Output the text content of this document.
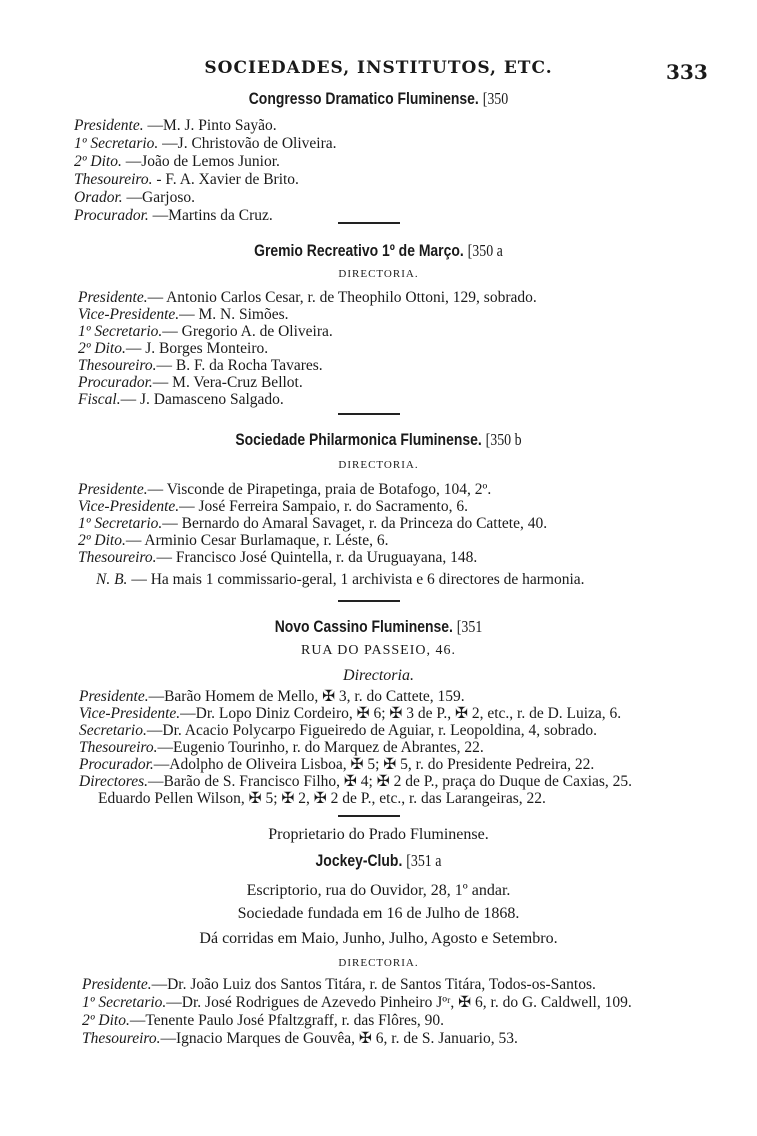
SOCIEDADES, INSTITUTOS, ETC.	333
Congresso Dramatico Fluminense. [350
Presidente. —M. J. Pinto Sayão.
1º Secretario. —J. Christovão de Oliveira.
2º Dito. —João de Lemos Junior.
Thesoureiro. - F. A. Xavier de Brito.
Orador. —Garjoso.
Procurador. —Martins da Cruz.
Gremio Recreativo 1º de Março. [350 a
DIRECTORIA.
Presidente.— Antonio Carlos Cesar, r. de Theophilo Ottoni, 129, sobrado.
Vice-Presidente.— M. N. Simões.
1º Secretario.— Gregorio A. de Oliveira.
2º Dito.— J. Borges Monteiro.
Thesoureiro.— B. F. da Rocha Tavares.
Procurador.— M. Vera-Cruz Bellot.
Fiscal.— J. Damasceno Salgado.
Sociedade Philarmonica Fluminense. [350 b
DIRECTORIA.
Presidente.— Visconde de Pirapetinga, praia de Botafogo, 104, 2º.
Vice-Presidente.— José Ferreira Sampaio, r. do Sacramento, 6.
1º Secretario.— Bernardo do Amaral Savaget, r. da Princeza do Cattete, 40.
2º Dito.— Arminio Cesar Burlamaque, r. Léste, 6.
Thesoureiro.— Francisco José Quintella, r. da Uruguayana, 148.
N. B. — Ha mais 1 commissario-geral, 1 archivista e 6 directores de harmonia.
Novo Cassino Fluminense. [351
RUA DO PASSEIO, 46.
Directoria.
Presidente.—Barão Homem de Mello, ✠ 3, r. do Cattete, 159.
Vice-Presidente.—Dr. Lopo Diniz Cordeiro, ✠ 6; ✠ 3 de P., ✠ 2, etc., r. de D. Luiza, 6.
Secretario.—Dr. Acacio Polycarpo Figueiredo de Aguiar, r. Leopoldina, 4, sobrado.
Thesoureiro.—Eugenio Tourinho, r. do Marquez de Abrantes, 22.
Procurador.—Adolpho de Oliveira Lisboa, ✠ 5; ✠ 5, r. do Presidente Pedreira, 22.
Directores.—Barão de S. Francisco Filho, ✠ 4; ✠ 2 de P., praça do Duque de Caxias, 25.
Eduardo Pellen Wilson, ✠ 5; ✠ 2, ✠ 2 de P., etc., r. das Larangeiras, 22.
Proprietario do Prado Fluminense.
Jockey-Club. [351 a
Escriptorio, rua do Ouvidor, 28, 1º andar.
Sociedade fundada em 16 de Julho de 1868.
Dá corridas em Maio, Junho, Julho, Agosto e Setembro.
DIRECTORIA.
Presidente.—Dr. João Luiz dos Santos Titára, r. de Santos Titára, Todos-os-Santos.
1º Secretario.—Dr. José Rodrigues de Azevedo Pinheiro Jºʳ, ✠ 6, r. do G. Caldwell, 109.
2º Dito.—Tenente Paulo José Pfaltzgraff, r. das Flôres, 90.
Thesoureiro.—Ignacio Marques de Gouvêa, ✠ 6, r. de S. Januario, 53.
